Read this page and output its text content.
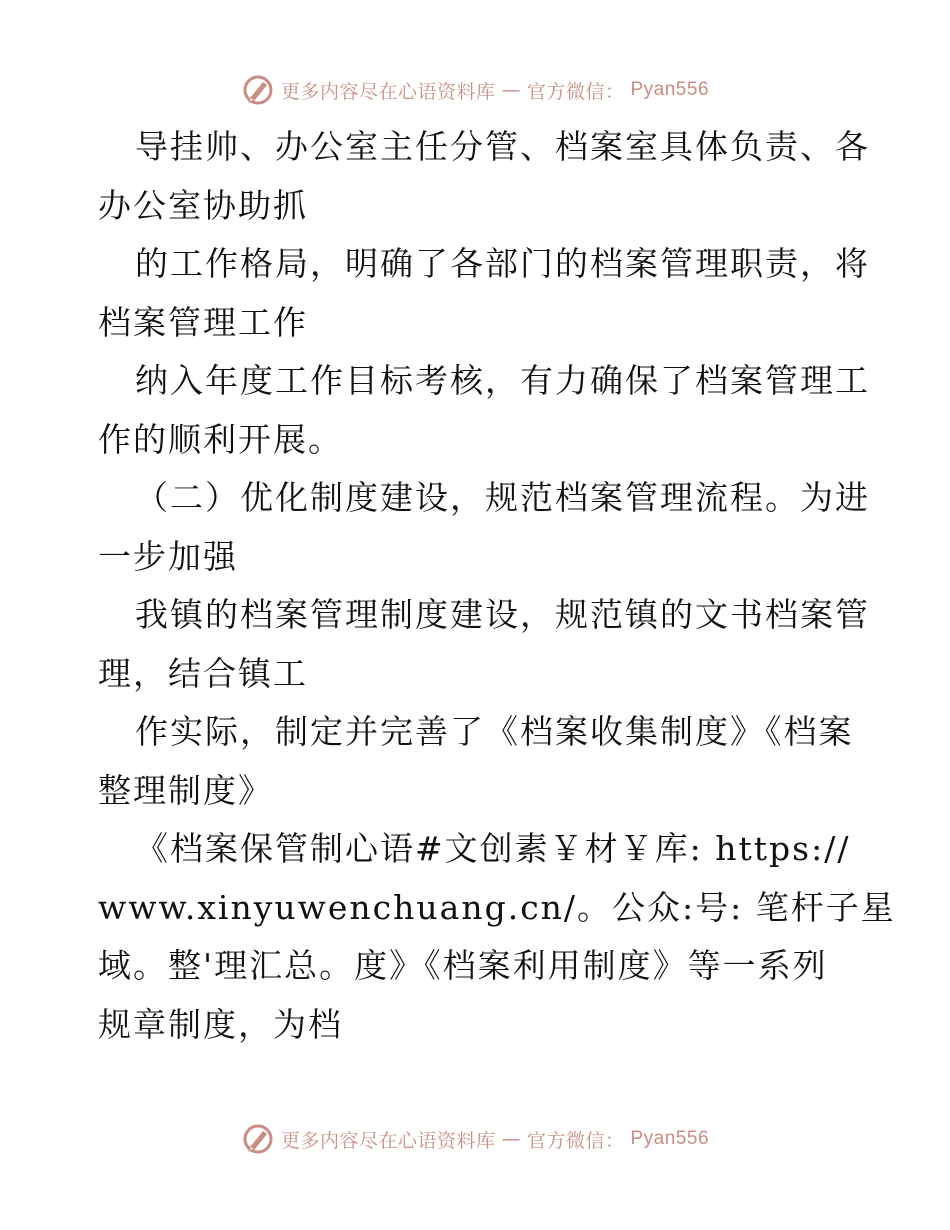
更多内容尽在心语资料库 — 官方微信： Pyan556
导挂帅、办公室主任分管、档案室具体负责、各
办公室协助抓
的工作格局，明确了各部门的档案管理职责，将
档案管理工作
纳入年度工作目标考核，有力确保了档案管理工
作的顺利开展。
（二）优化制度建设，规范档案管理流程。为进
一步加强
我镇的档案管理制度建设，规范镇的文书档案管
理，结合镇工
作实际，制定并完善了《档案收集制度》《档案
整理制度》
《档案保管制心语#文创素￥材￥库: https://
www.xinyuwenchuang.cn/。公众:号: 笔杆子星
域。整'理汇总。度》《档案利用制度》等一系列
规章制度，为档
更多内容尽在心语资料库 — 官方微信： Pyan556
